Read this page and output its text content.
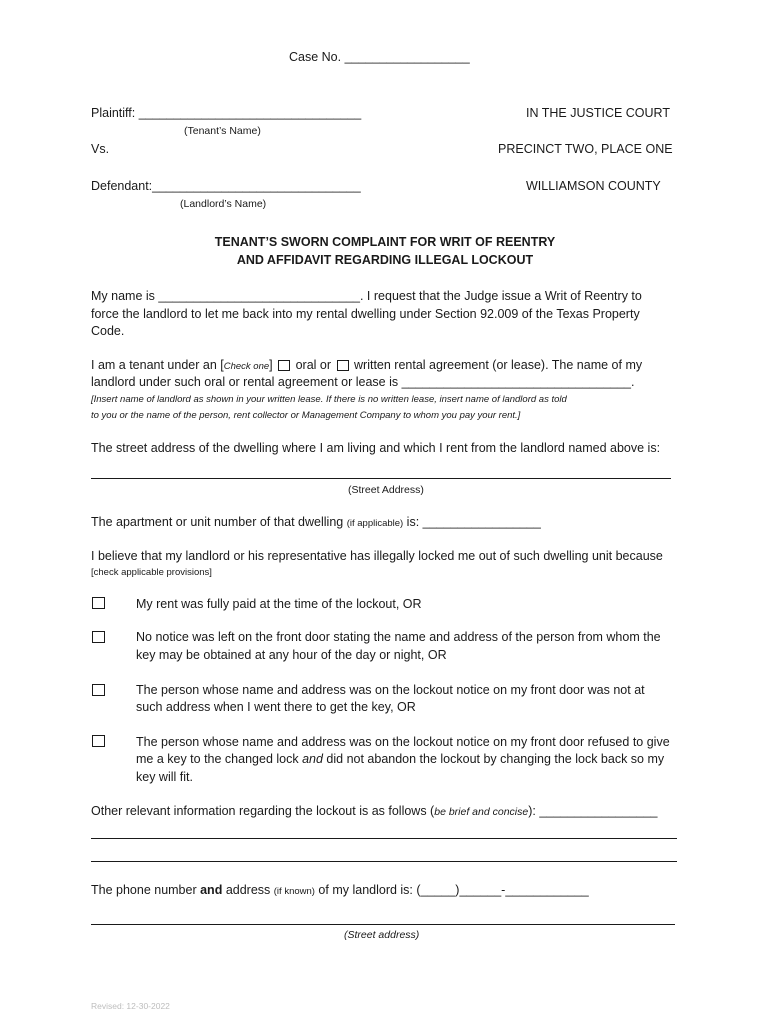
Case No. __________________
Plaintiff: ________________________________
(Tenant’s Name)
Vs.
Defendant:______________________________
(Landlord’s Name)
IN THE JUSTICE COURT
PRECINCT TWO, PLACE ONE
WILLIAMSON COUNTY
TENANT’S SWORN COMPLAINT FOR WRIT OF REENTRY
AND AFFIDAVIT REGARDING ILLEGAL LOCKOUT
My name is _____________________________. I request that the Judge issue a Writ of Reentry to
force the landlord to let me back into my rental dwelling under Section 92.009 of the Texas Property
Code.
I am a tenant under an [Check one] oral or written rental agreement (or lease). The name of my
landlord under such oral or rental agreement or lease is _________________________________.
[Insert name of landlord as shown in your written lease. If there is no written lease, insert name of landlord as told
to you or the name of the person, rent collector or Management Company to whom you pay your rent.]
The street address of the dwelling where I am living and which I rent from the landlord named above is:
(Street Address)
The apartment or unit number of that dwelling (if applicable) is: _________________
I believe that my landlord or his representative has illegally locked me out of such dwelling unit because
[check applicable provisions]
My rent was fully paid at the time of the lockout, OR
No notice was left on the front door stating the name and address of the person from whom the
key may be obtained at any hour of the day or night, OR
The person whose name and address was on the lockout notice on my front door was not at
such address when I went there to get the key, OR
The person whose name and address was on the lockout notice on my front door refused to give
me a key to the changed lock and did not abandon the lockout by changing the lock back so my
key will fit.
Other relevant information regarding the lockout is as follows (be brief and concise): _________________
The phone number and address (if known) of my landlord is: (_____)______-____________
(Street address)
Revised: 12-30-2022
